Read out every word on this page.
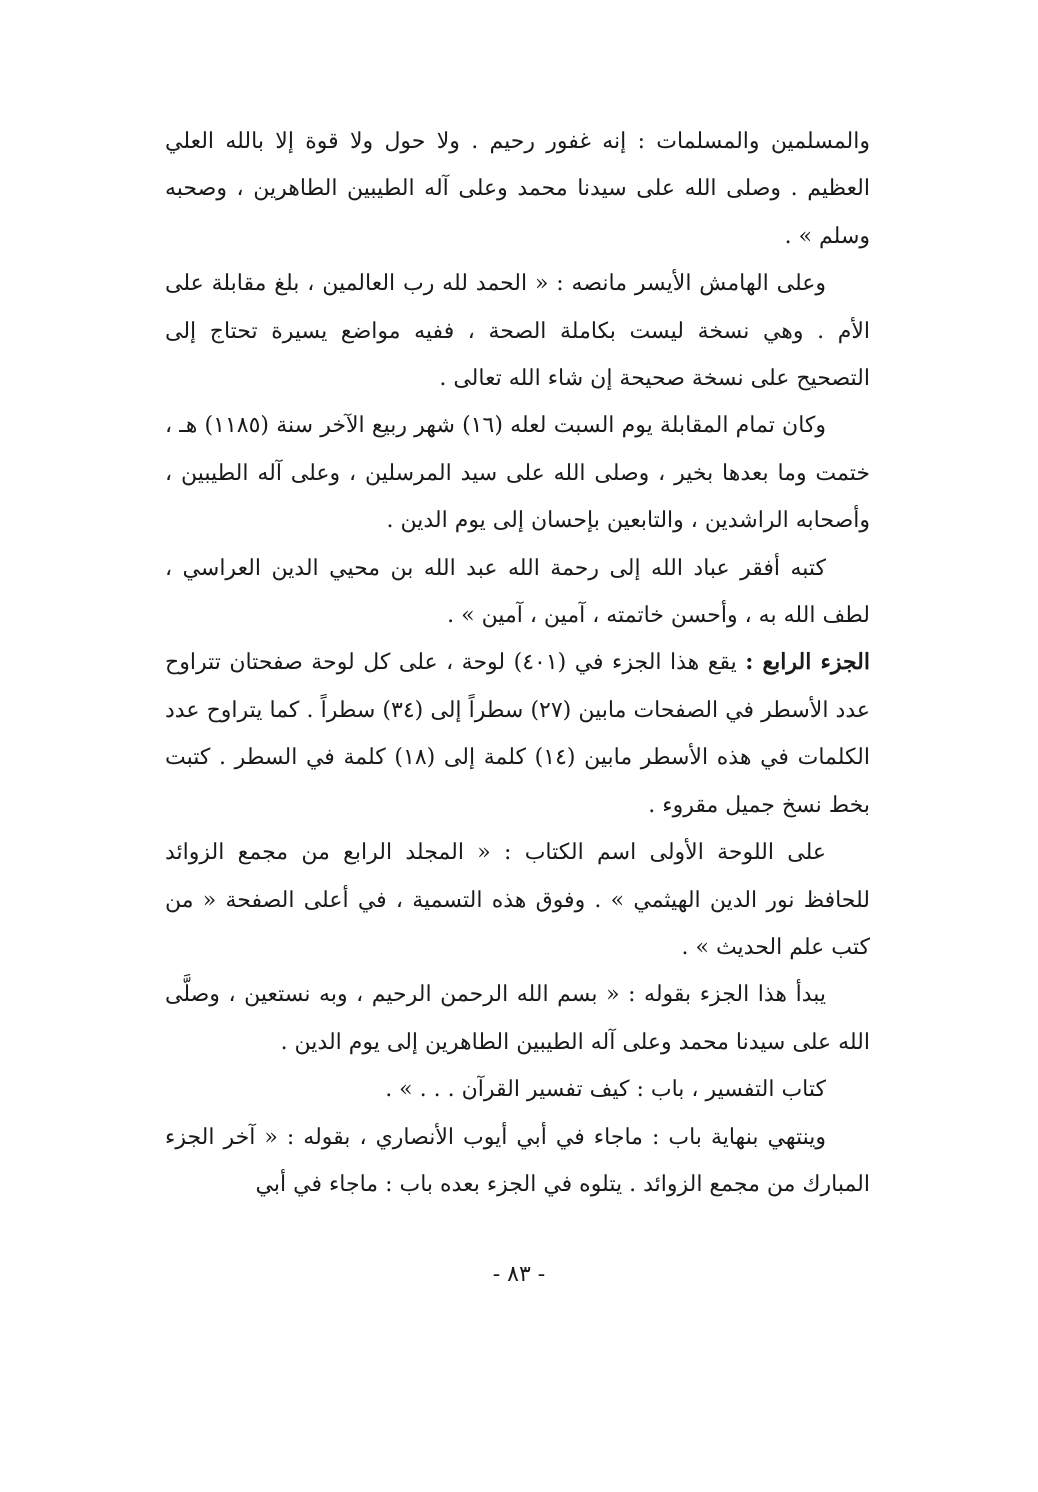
والمسلمين والمسلمات : إنه غفور رحيم . ولا حول ولا قوة إلا بالله العلي العظيم . وصلى الله على سيدنا محمد وعلى آله الطيبين الطاهرين ، وصحبه وسلم » .

وعلى الهامش الأيسر مانصه : « الحمد لله رب العالمين ، بلغ مقابلة على الأم . وهي نسخة ليست بكاملة الصحة ، ففيه مواضع يسيرة تحتاج إلى التصحيح على نسخة صحيحة إن شاء الله تعالى .

وكان تمام المقابلة يوم السبت لعله (١٦) شهر ربيع الآخر سنة (١١٨٥) هـ ، ختمت وما بعدها بخير ، وصلى الله على سيد المرسلين ، وعلى آله الطيبين ، وأصحابه الراشدين ، والتابعين بإحسان إلى يوم الدين .

كتبه أفقر عباد الله إلى رحمة الله عبد الله بن محيي الدين العراسي ، لطف الله به ، وأحسن خاتمته ، آمين ، آمين » .

الجزء الرابع : يقع هذا الجزء في (٤٠١) لوحة ، على كل لوحة صفحتان تتراوح عدد الأسطر في الصفحات مابين (٢٧) سطراً إلى (٣٤) سطراً . كما يتراوح عدد الكلمات في هذه الأسطر مابين (١٤) كلمة إلى (١٨) كلمة في السطر . كتبت بخط نسخ جميل مقروء .

على اللوحة الأولى اسم الكتاب : « المجلد الرابع من مجمع الزوائد للحافظ نور الدين الهيثمي » . وفوق هذه التسمية ، في أعلى الصفحة « من كتب علم الحديث » .

يبدأ هذا الجزء بقوله : « بسم الله الرحمن الرحيم ، وبه نستعين ، وصلَّى الله على سيدنا محمد وعلى آله الطيبين الطاهرين إلى يوم الدين .

كتاب التفسير ، باب : كيف تفسير القرآن . . . » .

وينتهي بنهاية باب : ماجاء في أبي أيوب الأنصاري ، بقوله : « آخر الجزء المبارك من مجمع الزوائد . يتلوه في الجزء بعده باب : ماجاء في أبي

- ٨٣ -
